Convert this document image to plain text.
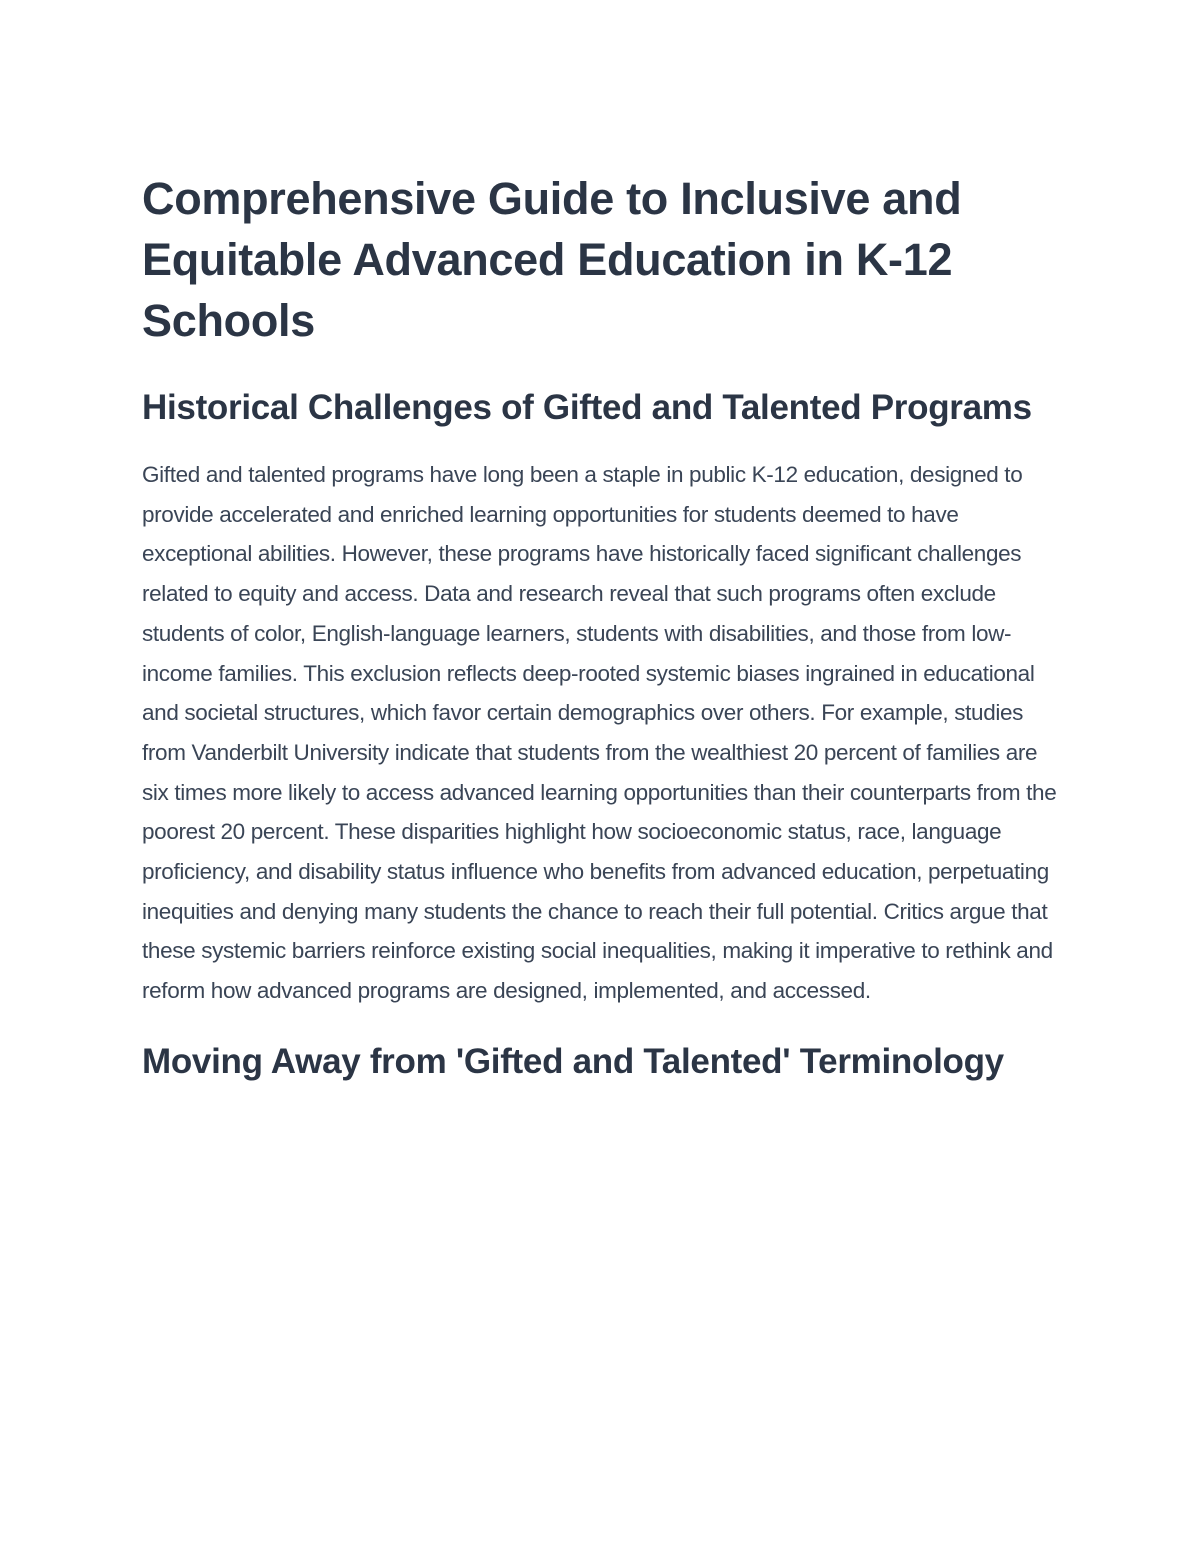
Comprehensive Guide to Inclusive and Equitable Advanced Education in K-12 Schools
Historical Challenges of Gifted and Talented Programs

Gifted and talented programs have long been a staple in public K-12 education, designed to provide accelerated and enriched learning opportunities for students deemed to have exceptional abilities. However, these programs have historically faced significant challenges related to equity and access. Data and research reveal that such programs often exclude students of color, English-language learners, students with disabilities, and those from low-income families. This exclusion reflects deep-rooted systemic biases ingrained in educational and societal structures, which favor certain demographics over others. For example, studies from Vanderbilt University indicate that students from the wealthiest 20 percent of families are six times more likely to access advanced learning opportunities than their counterparts from the poorest 20 percent. These disparities highlight how socioeconomic status, race, language proficiency, and disability status influence who benefits from advanced education, perpetuating inequities and denying many students the chance to reach their full potential. Critics argue that these systemic barriers reinforce existing social inequalities, making it imperative to rethink and reform how advanced programs are designed, implemented, and accessed.

Moving Away from 'Gifted and Talented' Terminology
